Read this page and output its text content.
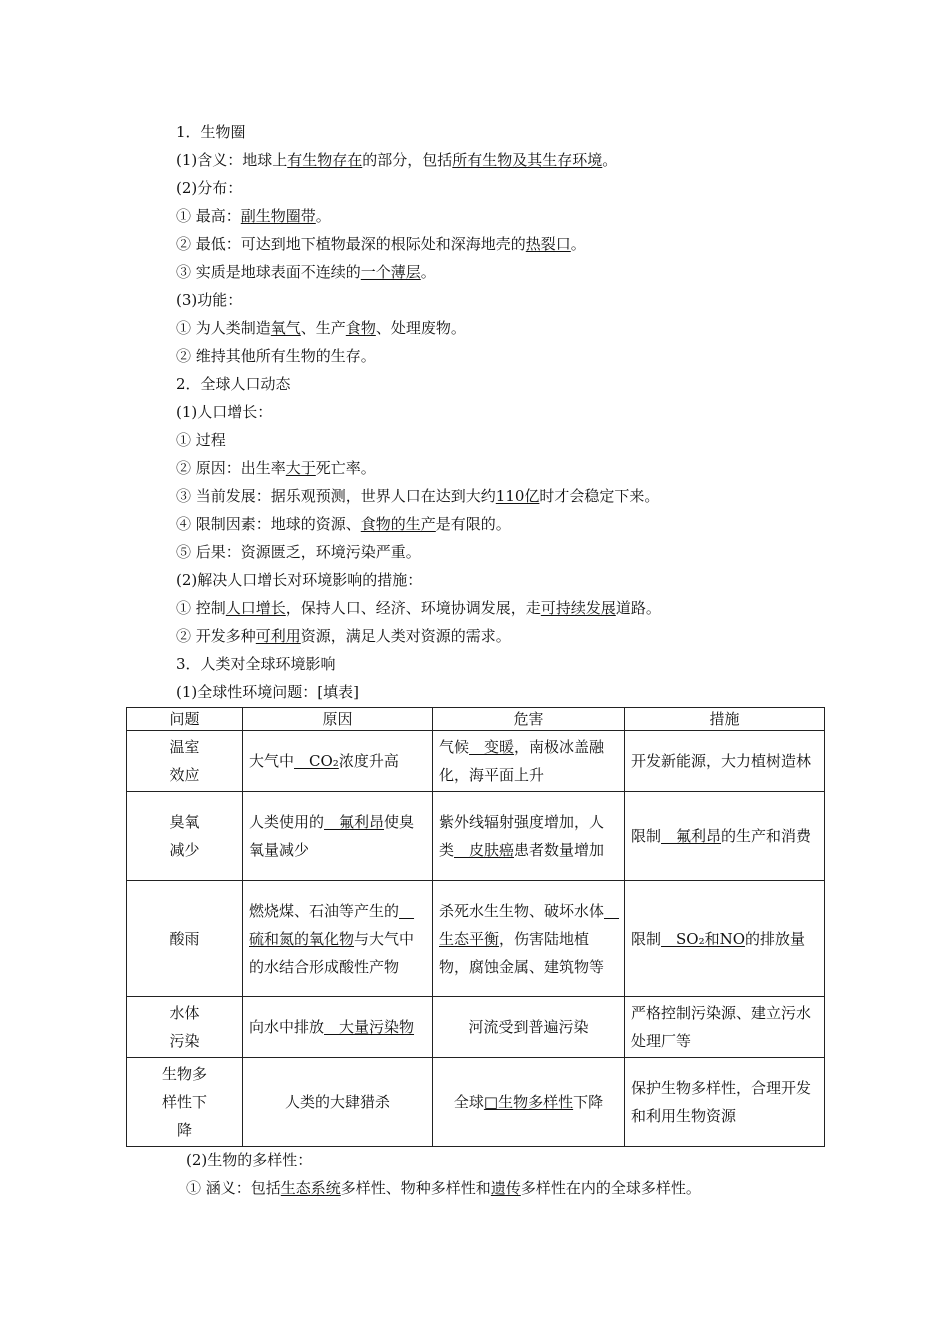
1．生物圈
(1)含义：地球上有生物存在的部分，包括所有生物及其生存环境。
(2)分布：
① 最高：副生物圈带。
② 最低：可达到地下植物最深的根际处和深海地壳的热裂口。
③ 实质是地球表面不连续的一个薄层。
(3)功能：
① 为人类制造氧气、生产食物、处理废物。
② 维持其他所有生物的生存。
2．全球人口动态
(1)人口增长：
① 过程
② 原因：出生率大于死亡率。
③ 当前发展：据乐观预测，世界人口在达到大约110亿时才会稳定下来。
④ 限制因素：地球的资源、食物的生产是有限的。
⑤ 后果：资源匮乏，环境污染严重。
(2)解决人口增长对环境影响的措施：
① 控制人口增长，保持人口、经济、环境协调发展，走可持续发展道路。
② 开发多种可利用资源，满足人类对资源的需求。
3．人类对全球环境影响
(1)全球性环境问题：[填表]
问题	原因	危害	措施
温室
效应	大气中　CO₂浓度升高	气候　变暖，南极冰盖融化，海平面上升	开发新能源，大力植树造林
臭氧
减少	人类使用的　氟利昂使臭氧量减少	紫外线辐射强度增加，人类　皮肤癌患者数量增加	限制　氟利昂的生产和消费
酸雨	燃烧煤、石油等产生的　硫和氮的氧化物与大气中的水结合形成酸性产物	杀死水生生物、破坏水体　生态平衡，伤害陆地植物，腐蚀金属、建筑物等	限制　SO₂和NO的排放量
水体
污染	向水中排放　大量污染物	河流受到普遍污染	严格控制污染源、建立污水处理厂等
生物多
样性下
降	人类的大肆猎杀	全球□生物多样性下降	保护生物多样性，合理开发和利用生物资源
(2)生物的多样性：
① 涵义：包括生态系统多样性、物种多样性和遗传多样性在内的全球多样性。
